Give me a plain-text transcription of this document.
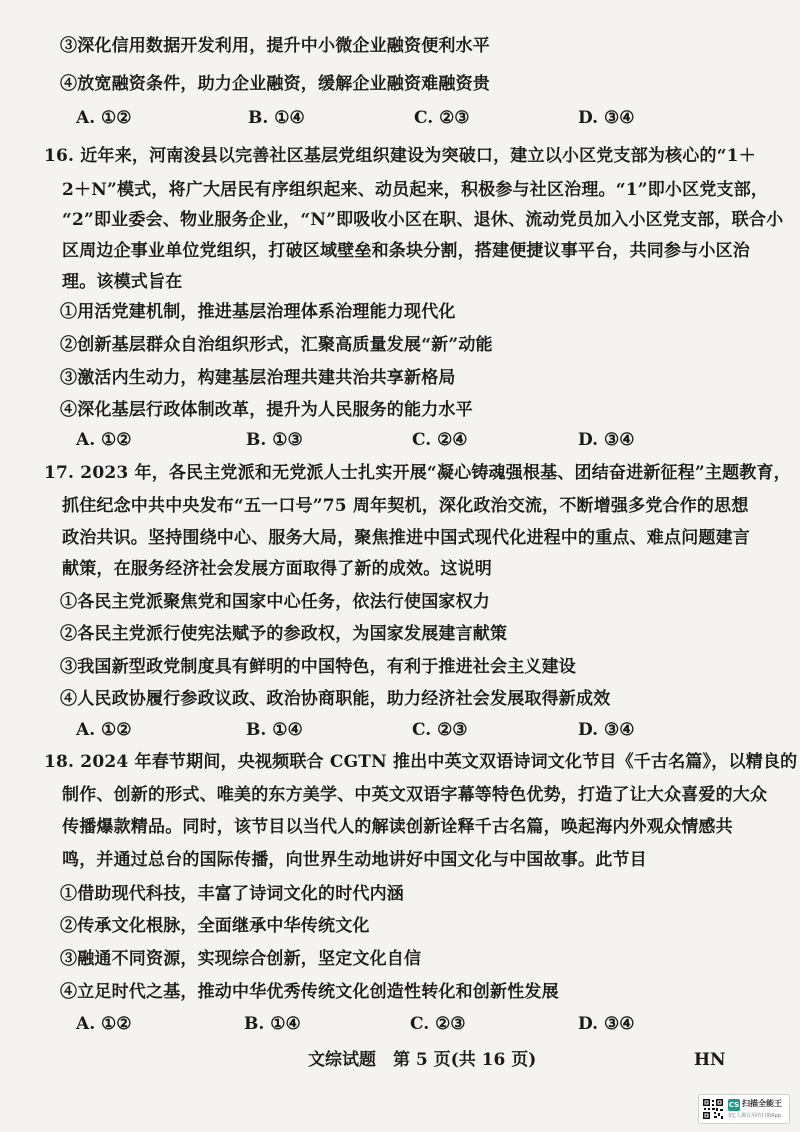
③深化信用数据开发利用，提升中小微企业融资便利水平
④放宽融资条件，助力企业融资，缓解企业融资难融资贵
A. ①②	B. ①④	C. ②③	D. ③④
16. 近年来，河南浚县以完善社区基层党组织建设为突破口，建立以小区党支部为核心的“1＋
2＋N”模式，将广大居民有序组织起来、动员起来，积极参与社区治理。“1”即小区党支部，
“2”即业委会、物业服务企业，“N”即吸收小区在职、退休、流动党员加入小区党支部，联合小
区周边企事业单位党组织，打破区域壁垒和条块分割，搭建便捷议事平台，共同参与小区治
理。该模式旨在
①用活党建机制，推进基层治理体系治理能力现代化
②创新基层群众自治组织形式，汇聚高质量发展“新”动能
③激活内生动力，构建基层治理共建共治共享新格局
④深化基层行政体制改革，提升为人民服务的能力水平
A. ①②	B. ①③	C. ②④	D. ③④
17. 2023 年，各民主党派和无党派人士扎实开展“凝心铸魂强根基、团结奋进新征程”主题教育，
抓住纪念中共中央发布“五一口号”75 周年契机，深化政治交流，不断增强多党合作的思想
政治共识。坚持围绕中心、服务大局，聚焦推进中国式现代化进程中的重点、难点问题建言
献策，在服务经济社会发展方面取得了新的成效。这说明
①各民主党派聚焦党和国家中心任务，依法行使国家权力
②各民主党派行使宪法赋予的参政权，为国家发展建言献策
③我国新型政党制度具有鲜明的中国特色，有利于推进社会主义建设
④人民政协履行参政议政、政治协商职能，助力经济社会发展取得新成效
A. ①②	B. ①④	C. ②③	D. ③④
18. 2024 年春节期间，央视频联合 CGTN 推出中英文双语诗词文化节目《千古名篇》，以精良的
制作、创新的形式、唯美的东方美学、中英文双语字幕等特色优势，打造了让大众喜爱的大众
传播爆款精品。同时，该节目以当代人的解读创新诠释千古名篇，唤起海内外观众情感共
鸣，并通过总台的国际传播，向世界生动地讲好中国文化与中国故事。此节目
①借助现代科技，丰富了诗词文化的时代内涵
②传承文化根脉，全面继承中华传统文化
③融通不同资源，实现综合创新，坚定文化自信
④立足时代之基，推动中华优秀传统文化创造性转化和创新性发展
A. ①②	B. ①④	C. ②③	D. ③④
文综试题　第 5 页(共 16 页)	HN
CS 扫描全能王
3亿人都在用的扫描App
